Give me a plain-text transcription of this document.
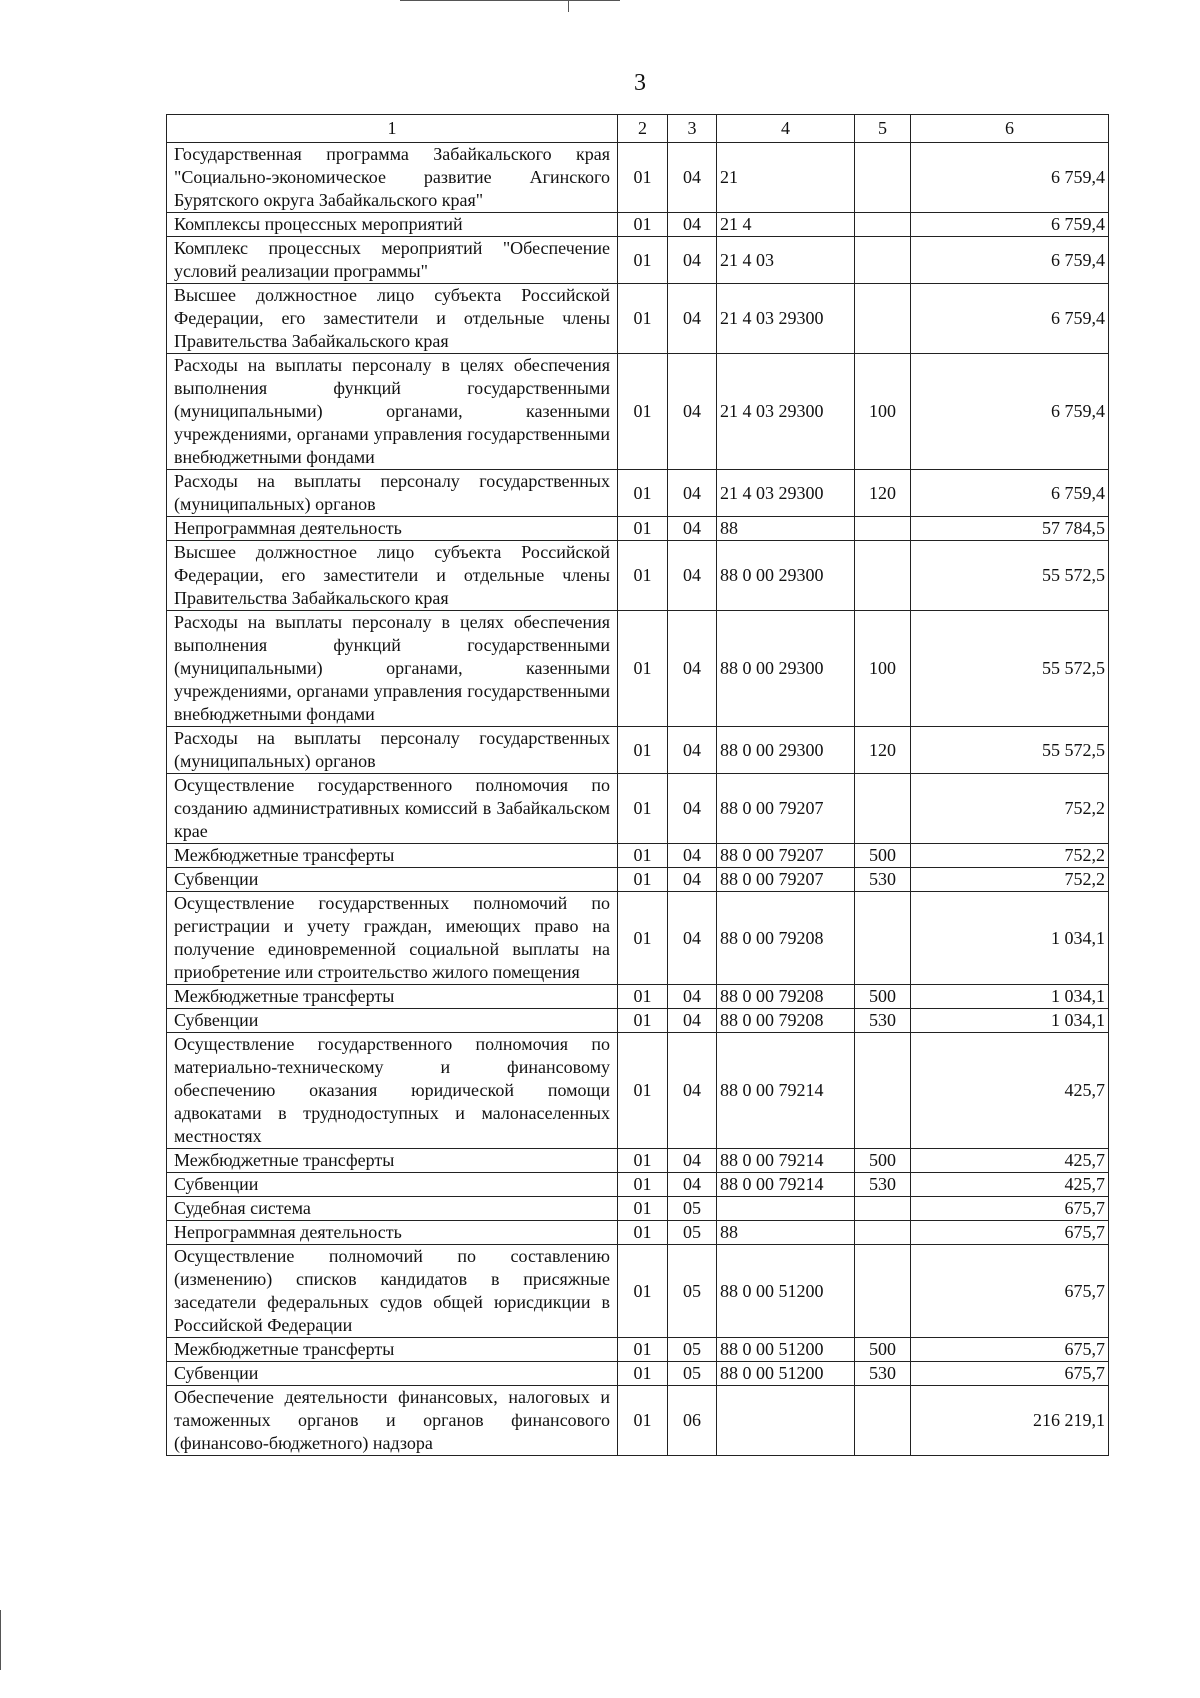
3
1	2	3	4	5	6
Государственная программа Забайкальского края "Социально-экономическое развитие Агинского Бурятского округа Забайкальского края"	01	04	21		6 759,4
Комплексы процессных мероприятий	01	04	21 4		6 759,4
Комплекс процессных мероприятий "Обеспечение условий реализации программы"	01	04	21 4 03		6 759,4
Высшее должностное лицо субъекта Российской Федерации, его заместители и отдельные члены Правительства Забайкальского края	01	04	21 4 03 29300		6 759,4
Расходы на выплаты персоналу в целях обеспечения выполнения функций государственными (муниципальными) органами, казенными учреждениями, органами управления государственными внебюджетными фондами	01	04	21 4 03 29300	100	6 759,4
Расходы на выплаты персоналу государственных (муниципальных) органов	01	04	21 4 03 29300	120	6 759,4
Непрограммная деятельность	01	04	88		57 784,5
Высшее должностное лицо субъекта Российской Федерации, его заместители и отдельные члены Правительства Забайкальского края	01	04	88 0 00 29300		55 572,5
Расходы на выплаты персоналу в целях обеспечения выполнения функций государственными (муниципальными) органами, казенными учреждениями, органами управления государственными внебюджетными фондами	01	04	88 0 00 29300	100	55 572,5
Расходы на выплаты персоналу государственных (муниципальных) органов	01	04	88 0 00 29300	120	55 572,5
Осуществление государственного полномочия по созданию административных комиссий в Забайкальском крае	01	04	88 0 00 79207		752,2
Межбюджетные трансферты	01	04	88 0 00 79207	500	752,2
Субвенции	01	04	88 0 00 79207	530	752,2
Осуществление государственных полномочий по регистрации и учету граждан, имеющих право на получение единовременной социальной выплаты на приобретение или строительство жилого помещения	01	04	88 0 00 79208		1 034,1
Межбюджетные трансферты	01	04	88 0 00 79208	500	1 034,1
Субвенции	01	04	88 0 00 79208	530	1 034,1
Осуществление государственного полномочия по материально-техническому и финансовому обеспечению оказания юридической помощи адвокатами в труднодоступных и малонаселенных местностях	01	04	88 0 00 79214		425,7
Межбюджетные трансферты	01	04	88 0 00 79214	500	425,7
Субвенции	01	04	88 0 00 79214	530	425,7
Судебная система	01	05			675,7
Непрограммная деятельность	01	05	88		675,7
Осуществление полномочий по составлению (изменению) списков кандидатов в присяжные заседатели федеральных судов общей юрисдикции в Российской Федерации	01	05	88 0 00 51200		675,7
Межбюджетные трансферты	01	05	88 0 00 51200	500	675,7
Субвенции	01	05	88 0 00 51200	530	675,7
Обеспечение деятельности финансовых, налоговых и таможенных органов и органов финансового (финансово-бюджетного) надзора	01	06			216 219,1
